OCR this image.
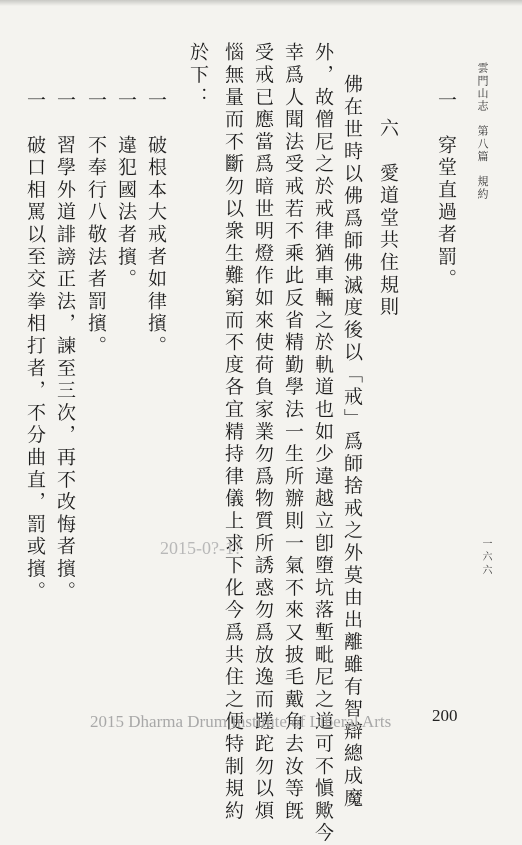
雲門山志　第八篇　規約
一六六
一　穿堂直過者罰。
六　愛道堂共住規則
佛在世時以佛爲師佛滅度後以「戒」爲師捨戒之外莫由出離雖有智辯總成魔
外，故僧尼之於戒律猶車輛之於軌道也如少違越立卽墮坑落塹毗尼之道可不愼歟今
幸爲人聞法受戒若不乘此反省精勤學法一生所辦則一氣不來又披毛戴角去汝等旣
受戒已應當爲暗世明燈作如來使荷負家業勿爲物質所誘惑勿爲放逸而蹉跎勿以煩
惱無量而不斷勿以衆生難窮而不度各宜精持律儀上求下化今爲共住之便特制規約
於下：
一　破根本大戒者如律擯。
一　違犯國法者擯。
一　不奉行八敬法者罰擯。
一　習學外道誹謗正法，諫至三次，再不改悔者擯。
一　破口相罵以至交拳相打者，不分曲直，罰或擯。	2015-0?-1?
2015 Dharma Drum Institute of Liberal Arts 200
